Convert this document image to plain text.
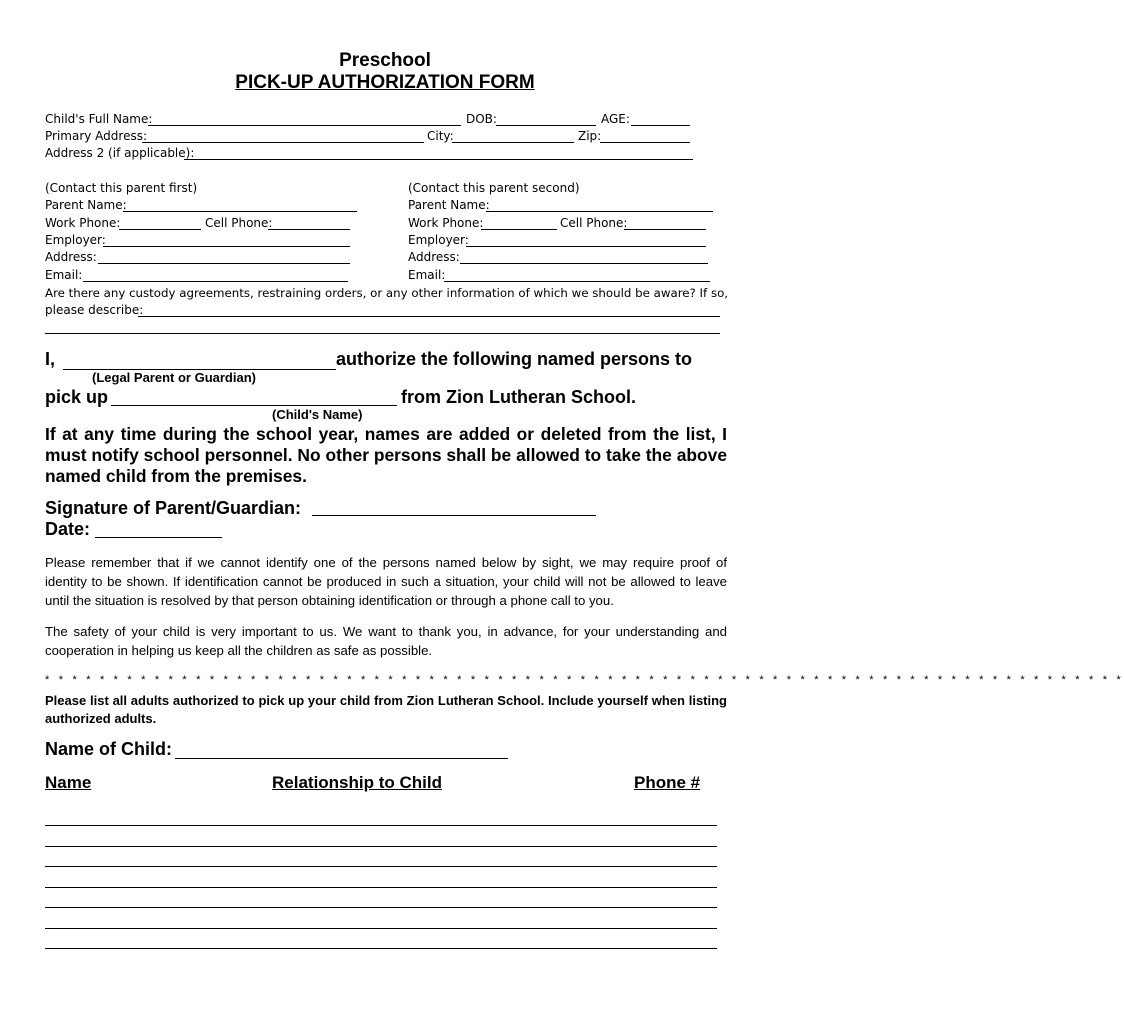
Preschool
PICK-UP AUTHORIZATION FORM
Child's Full Name:	DOB:	AGE:
Primary Address:	City:	Zip:
Address 2 (if applicable):
(Contact this parent first)
Parent Name:
Work Phone:	Cell Phone:
Employer:
Address:
Email:
(Contact this parent second)
Parent Name:
Work Phone:	Cell Phone:
Employer:
Address:
Email:
Are there any custody agreements, restraining orders, or any other information of which we should be aware? If so,
please describe:
I,	authorize the following named persons to
(Legal Parent or Guardian)
pick up	from Zion Lutheran School.
(Child's Name)
If at any time during the school year, names are added or deleted from the list, I must notify school personnel. No other persons shall be allowed to take the above named child from the premises.
Signature of Parent/Guardian:
Date:
Please remember that if we cannot identify one of the persons named below by sight, we may require proof of identity to be shown. If identification cannot be produced in such a situation, your child will not be allowed to leave until the situation is resolved by that person obtaining identification or through a phone call to you.
The safety of your child is very important to us. We want to thank you, in advance, for your understanding and cooperation in helping us keep all the children as safe as possible.
* * * * * * * * * * * * * * * * * * * * * * * * * * * * * * * * * * * * * * * * * * * * * * * * * * * * * * * * * * * * * * * * * * * * * * * * * * * * * * *
Please list all adults authorized to pick up your child from Zion Lutheran School. Include yourself when listing authorized adults.
Name of Child:
Name	Relationship to Child	Phone #
